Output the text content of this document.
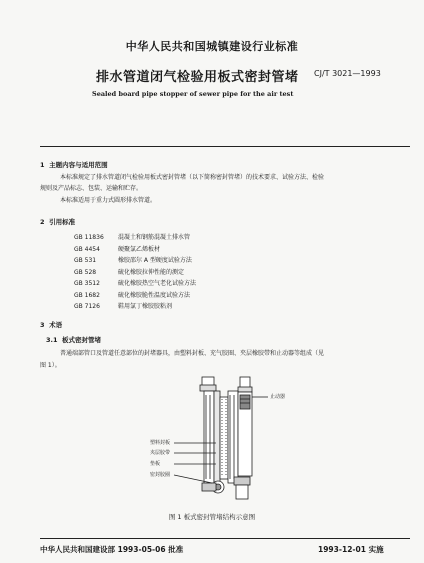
中华人民共和国城镇建设行业标准
排水管道闭气检验用板式密封管堵 CJ/T 3021—1993
Sealed board pipe stopper of sewer pipe for the air test
1 主题内容与适用范围
本标准规定了排水管道闭气检验用板式密封管堵（以下简称密封管堵）的技术要求、试验方法、检验
规则及产品标志、包装、运输和贮存。
本标准适用于重力式圆形排水管道。
2 引用标准
GB 11836	混凝土和钢筋混凝土排水管
GB 4454	硬聚氯乙烯板材
GB 531	橡胶邵尔 A 型硬度试验方法
GB 528	硫化橡胶拉伸性能的测定
GB 3512	硫化橡胶热空气老化试验方法
GB 1682	硫化橡胶脆性温度试验方法
GB 7126	鞋用氯丁橡胶胶粘剂
3 术语
3.1 板式密封管堵
普通端部管口及管道任意部位的封堵器具，由塑料封板、充气胶圈、夹层橡胶带和止动器等组成（见
图 1）。
止动器
塑料封板
夹层胶带
垫板
密封胶圈
图 1 板式密封管堵结构示意图
中华人民共和国建设部 1993-05-06 批准	1993-12-01 实施
